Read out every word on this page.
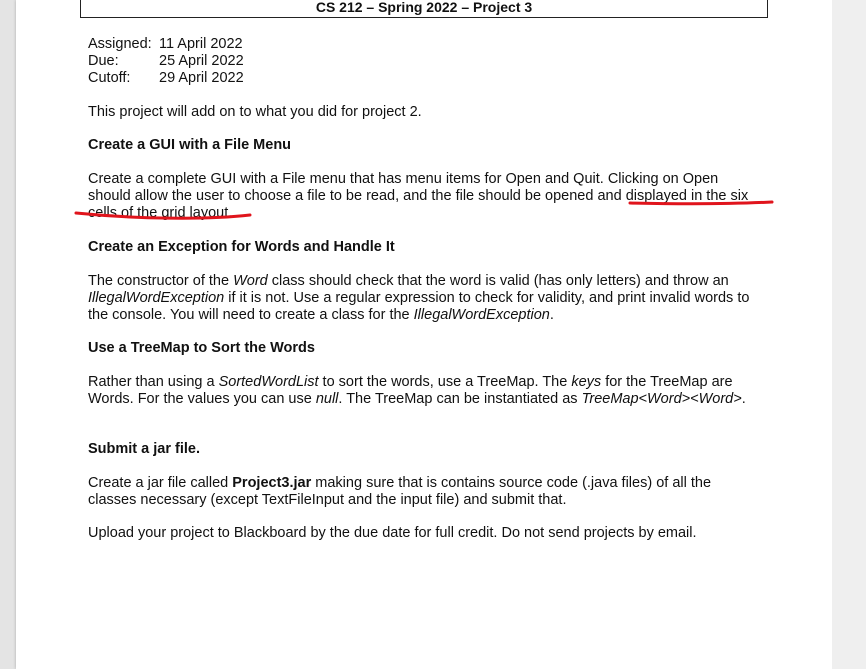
CS 212 – Spring 2022 – Project 3
Assigned: 11 April 2022
Due:	25 April 2022
Cutoff: 29 April 2022
This project will add on to what you did for project 2.
Create a GUI with a File Menu
Create a complete GUI with a File menu that has menu items for Open and Quit. Clicking on Open
should allow the user to choose a file to be read, and the file should be opened and displayed in the six
cells of the grid layout.
Create an Exception for Words and Handle It
The constructor of the Word class should check that the word is valid (has only letters) and throw an
IllegalWordException if it is not. Use a regular expression to check for validity, and print invalid words to
the console. You will need to create a class for the IllegalWordException.
Use a TreeMap to Sort the Words
Rather than using a SortedWordList to sort the words, use a TreeMap. The keys for the TreeMap are
Words. For the values you can use null. The TreeMap can be instantiated as TreeMap<Word><Word>.
Submit a jar file.
Create a jar file called Project3.jar making sure that is contains source code (.java files) of all the
classes necessary (except TextFileInput and the input file) and submit that.
Upload your project to Blackboard by the due date for full credit. Do not send projects by email.
